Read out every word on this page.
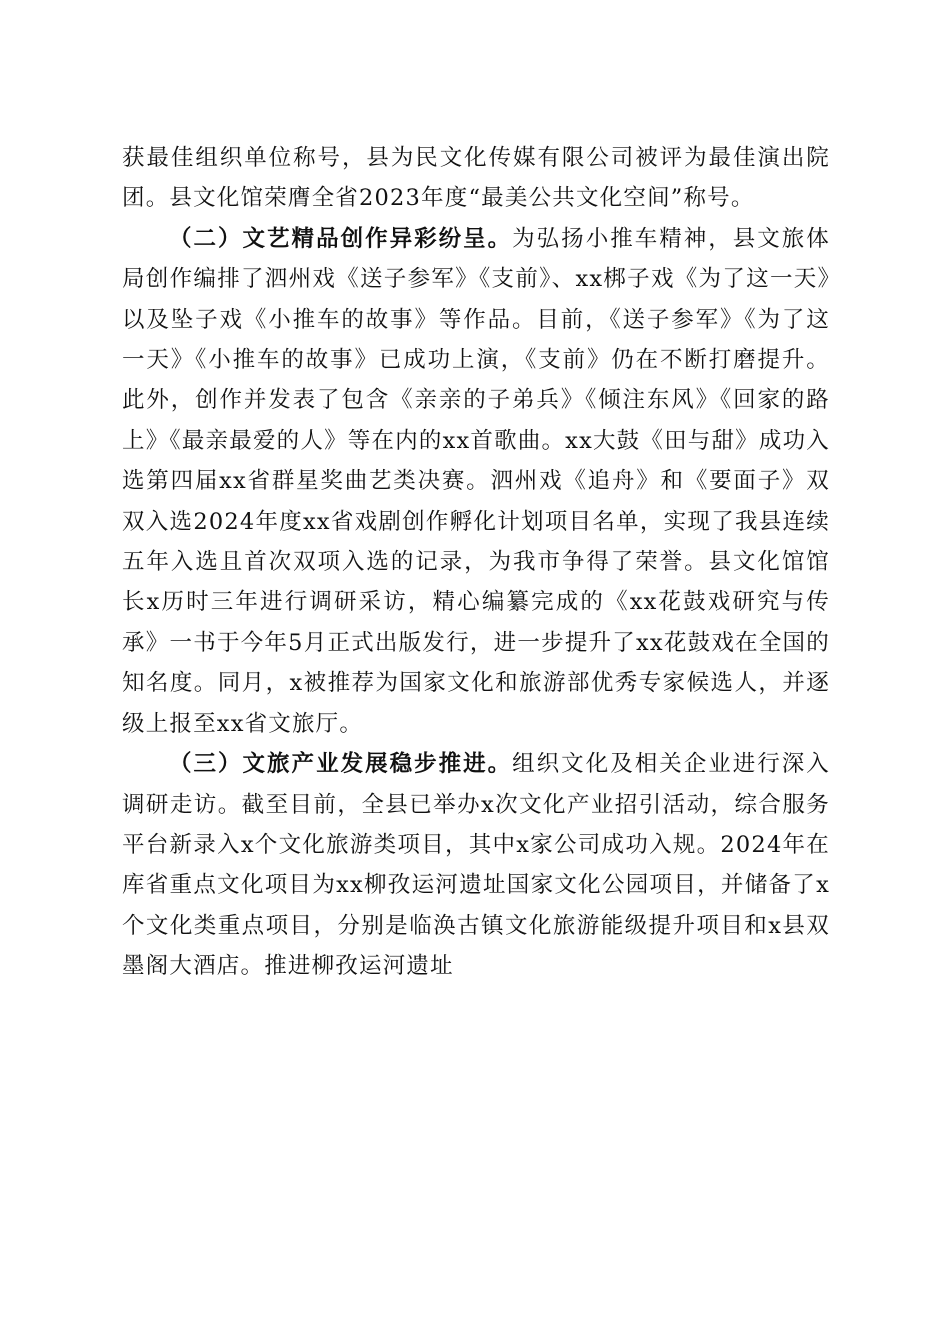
获最佳组织单位称号，县为民文化传媒有限公司被评为最佳演出院团。县文化馆荣膺全省2023年度“最美公共文化空间”称号。

（二）文艺精品创作异彩纷呈。为弘扬小推车精神，县文旅体局创作编排了泗州戏《送子参军》《支前》、xx梆子戏《为了这一天》以及坠子戏《小推车的故事》等作品。目前，《送子参军》《为了这一天》《小推车的故事》已成功上演，《支前》仍在不断打磨提升。此外，创作并发表了包含《亲亲的子弟兵》《倾注东风》《回家的路上》《最亲最爱的人》等在内的xx首歌曲。xx大鼓《田与甜》成功入选第四届xx省群星奖曲艺类决赛。泗州戏《追舟》和《要面子》双双入选2024年度xx省戏剧创作孵化计划项目名单，实现了我县连续五年入选且首次双项入选的记录，为我市争得了荣誉。县文化馆馆长x历时三年进行调研采访，精心编纂完成的《xx花鼓戏研究与传承》一书于今年5月正式出版发行，进一步提升了xx花鼓戏在全国的知名度。同月，x被推荐为国家文化和旅游部优秀专家候选人，并逐级上报至xx省文旅厅。

（三）文旅产业发展稳步推进。组织文化及相关企业进行深入调研走访。截至目前，全县已举办x次文化产业招引活动，综合服务平台新录入x个文化旅游类项目，其中x家公司成功入规。2024年在库省重点文化项目为xx柳孜运河遗址国家文化公园项目，并储备了x个文化类重点项目，分别是临涣古镇文化旅游能级提升项目和x县双墨阁大酒店。推进柳孜运河遗址
